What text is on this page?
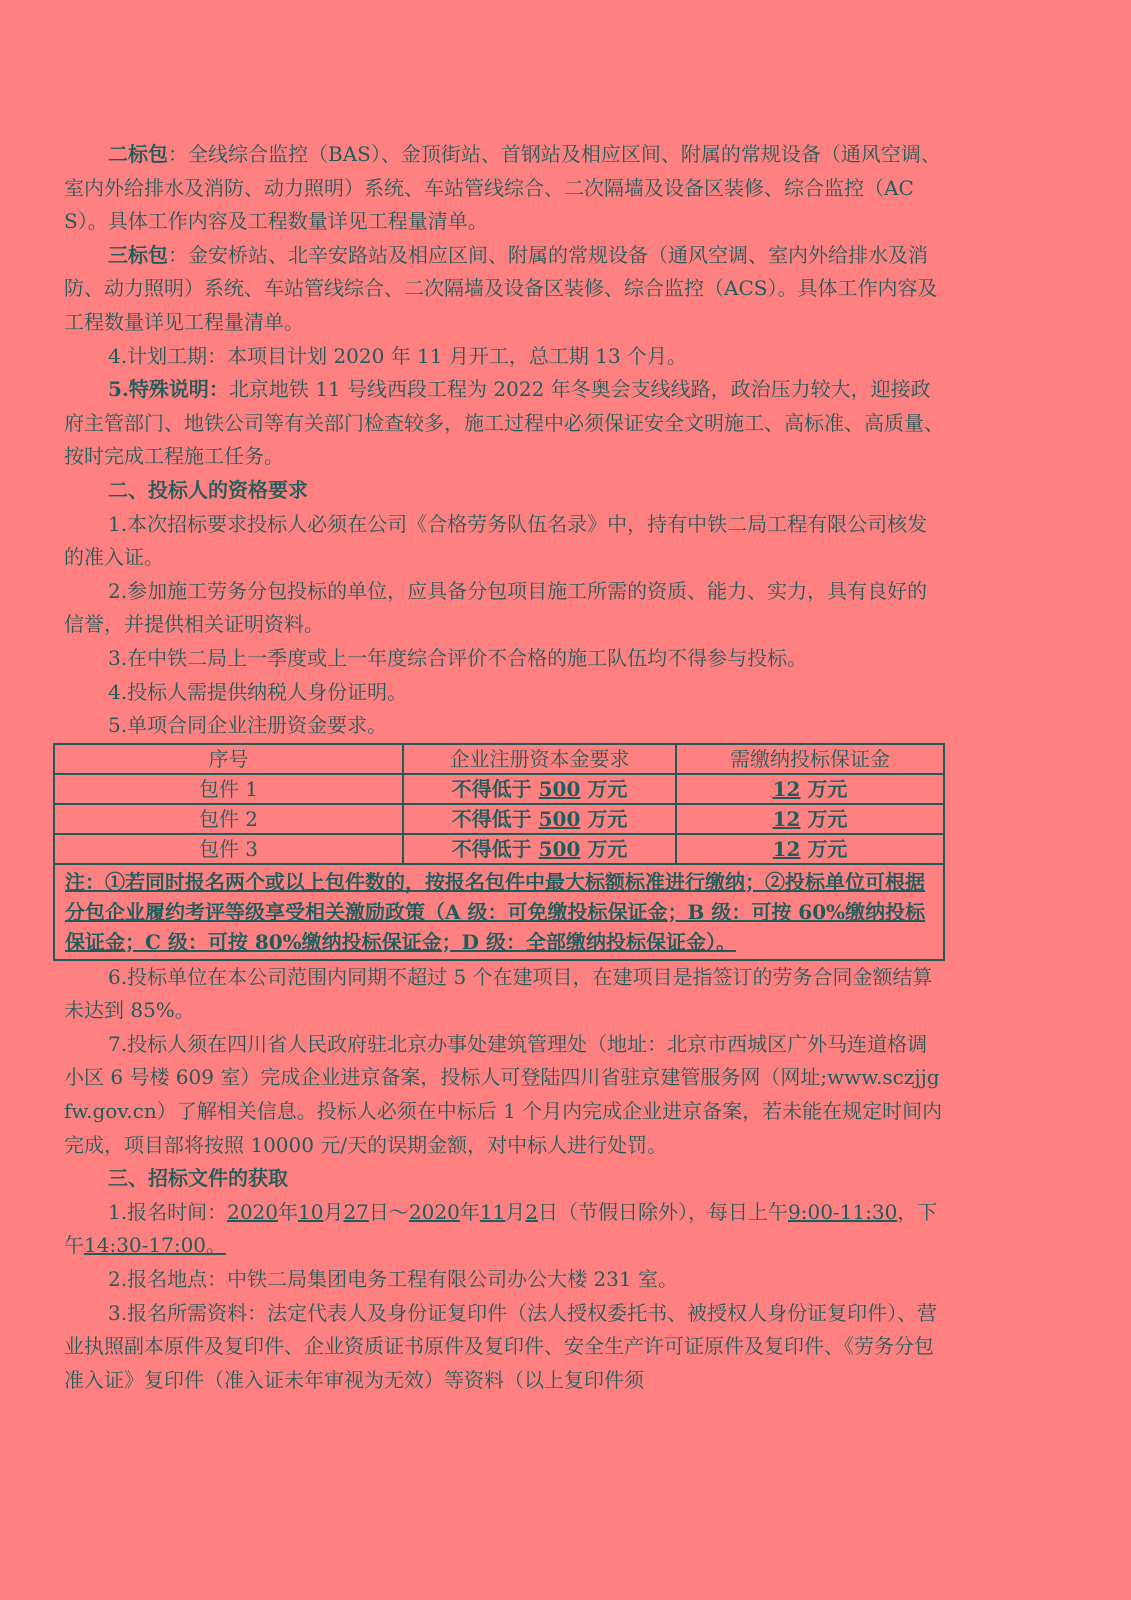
二标包：全线综合监控（BAS）、金顶街站、首钢站及相应区间、附属的常规设备（通风空调、室内外给排水及消防、动力照明）系统、车站管线综合、二次隔墙及设备区装修、综合监控（ACS）。具体工作内容及工程数量详见工程量清单。

三标包：金安桥站、北辛安路站及相应区间、附属的常规设备（通风空调、室内外给排水及消防、动力照明）系统、车站管线综合、二次隔墙及设备区装修、综合监控（ACS）。具体工作内容及工程数量详见工程量清单。

4.计划工期：本项目计划 2020 年 11 月开工，总工期 13 个月。

5.特殊说明：北京地铁 11 号线西段工程为 2022 年冬奥会支线线路，政治压力较大，迎接政府主管部门、地铁公司等有关部门检查较多，施工过程中必须保证安全文明施工、高标准、高质量、按时完成工程施工任务。

二、投标人的资格要求

1.本次招标要求投标人必须在公司《合格劳务队伍名录》中，持有中铁二局工程有限公司核发的准入证。

2.参加施工劳务分包投标的单位，应具备分包项目施工所需的资质、能力、实力，具有良好的信誉，并提供相关证明资料。

3.在中铁二局上一季度或上一年度综合评价不合格的施工队伍均不得参与投标。

4.投标人需提供纳税人身份证明。

5.单项合同企业注册资金要求。

序号	企业注册资本金要求	需缴纳投标保证金
包件 1	不得低于 500 万元	12 万元
包件 2	不得低于 500 万元	12 万元
包件 3	不得低于 500 万元	12 万元
注：①若同时报名两个或以上包件数的，按报名包件中最大标额标准进行缴纳；②投标单位可根据分包企业履约考评等级享受相关激励政策（A 级：可免缴投标保证金；B 级：可按 60%缴纳投标保证金；C 级：可按 80%缴纳投标保证金；D 级：全部缴纳投标保证金）。		

6.投标单位在本公司范围内同期不超过 5 个在建项目，在建项目是指签订的劳务合同金额结算未达到 85%。

7.投标人须在四川省人民政府驻北京办事处建筑管理处（地址：北京市西城区广外马连道格调小区 6 号楼 609 室）完成企业进京备案，投标人可登陆四川省驻京建管服务网（网址;www.sczjjgfw.gov.cn）了解相关信息。投标人必须在中标后 1 个月内完成企业进京备案，若未能在规定时间内完成，项目部将按照 10000 元/天的误期金额，对中标人进行处罚。

三、招标文件的获取

1.报名时间：2020年10月27日～2020年11月2日（节假日除外），每日上午9:00-11:30，下午14:30-17:00。

2.报名地点：中铁二局集团电务工程有限公司办公大楼 231 室。

3.报名所需资料：法定代表人及身份证复印件（法人授权委托书、被授权人身份证复印件）、营业执照副本原件及复印件、企业资质证书原件及复印件、安全生产许可证原件及复印件、《劳务分包准入证》复印件（准入证未年审视为无效）等资料（以上复印件须
